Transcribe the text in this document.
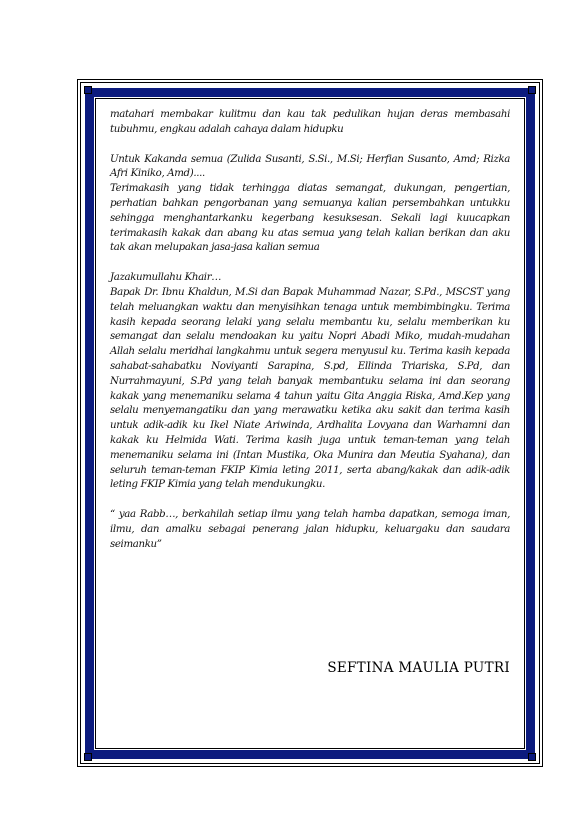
matahari membakar kulitmu dan kau tak pedulikan hujan deras membasahi tubuhmu, engkau adalah cahaya dalam hidupku

Untuk Kakanda semua (Zulida Susanti, S.Si., M.Si; Herfian Susanto, Amd; Rizka Afri Kiniko, Amd)....

Terimakasih yang tidak terhingga diatas semangat, dukungan, pengertian, perhatian bahkan pengorbanan yang semuanya kalian persembahkan untukku sehingga menghantarkanku kegerbang kesuksesan. Sekali lagi kuucapkan terimakasih kakak dan abang ku atas semua yang telah kalian berikan dan aku tak akan melupakan jasa-jasa kalian semua

Jazakumullahu Khair…

Bapak Dr. Ibnu Khaldun, M.Si dan Bapak Muhammad Nazar, S.Pd., MSCST yang telah meluangkan waktu dan menyisihkan tenaga untuk membimbingku. Terima kasih kepada seorang lelaki yang selalu membantu ku, selalu memberikan ku semangat dan selalu mendoakan ku yaitu Nopri Abadi Miko, mudah-mudahan Allah selalu meridhai langkahmu untuk segera menyusul ku. Terima kasih kepada sahabat-sahabatku Noviyanti Sarapina, S.pd, Ellinda Triariska, S.Pd, dan Nurrahmayuni, S.Pd yang telah banyak membantuku selama ini dan seorang kakak yang menemaniku selama 4 tahun yaitu Gita Anggia Riska, Amd.Kep yang selalu menyemangatiku dan yang merawatku ketika aku sakit dan terima kasih untuk adik-adik ku Ikel Niate Ariwinda, Ardhalita Lovyana dan Warhamni dan kakak ku Helmida Wati. Terima kasih juga untuk teman-teman yang telah menemaniku selama ini (Intan Mustika, Oka Munira dan Meutia Syahana), dan seluruh teman-teman FKIP Kimia leting 2011, serta abang/kakak dan adik-adik leting FKIP Kimia yang telah mendukungku.

“ yaa Rabb…, berkahilah setiap ilmu yang telah hamba dapatkan, semoga iman, ilmu, dan amalku sebagai penerang jalan hidupku, keluargaku dan saudara seimanku”

SEFTINA MAULIA PUTRI
